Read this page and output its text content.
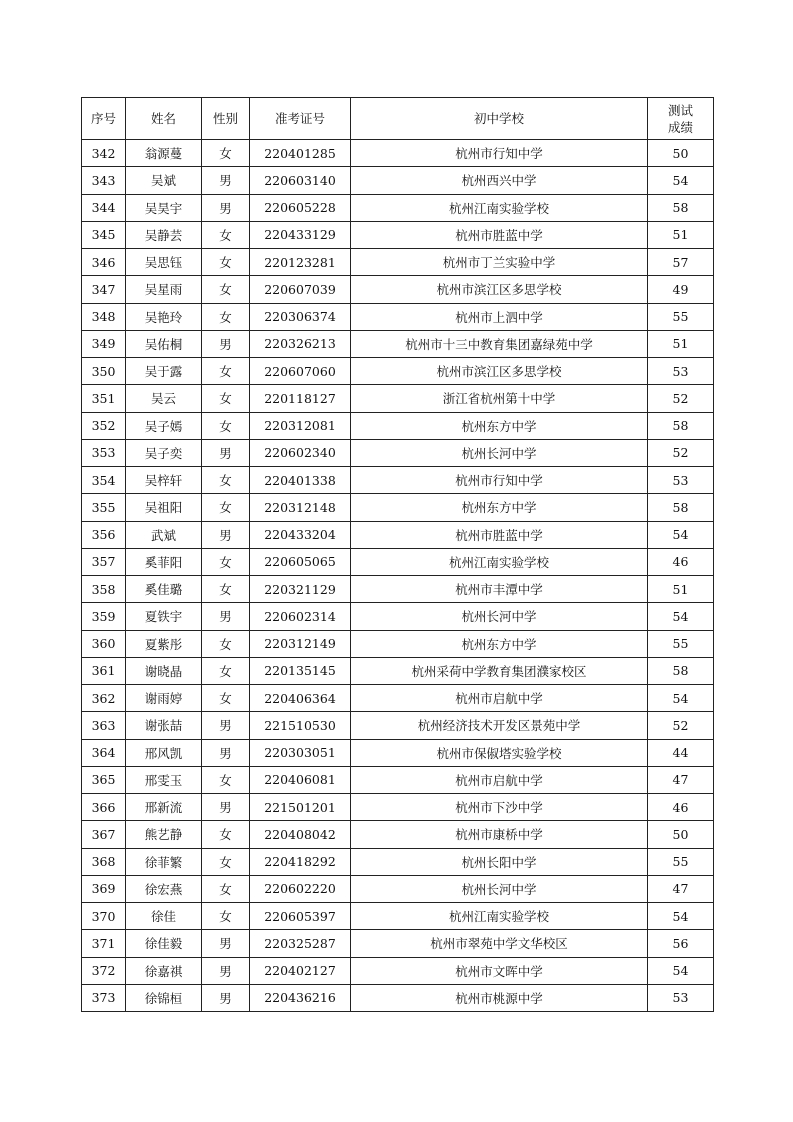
序号	姓名	性别	准考证号	初中学校	测试
成绩

342	翁源蔓	女	220401285	杭州市行知中学	50
343	吴斌	男	220603140	杭州西兴中学	54
344	吴昊宇	男	220605228	杭州江南实验学校	58
345	吴静芸	女	220433129	杭州市胜蓝中学	51
346	吴思钰	女	220123281	杭州市丁兰实验中学	57
347	吴星雨	女	220607039	杭州市滨江区多思学校	49
348	吴艳玲	女	220306374	杭州市上泗中学	55
349	吴佑桐	男	220326213	杭州市十三中教育集团嘉绿苑中学	51
350	吴于露	女	220607060	杭州市滨江区多思学校	53
351	吴云	女	220118127	浙江省杭州第十中学	52
352	吴子嫣	女	220312081	杭州东方中学	58
353	吴子奕	男	220602340	杭州长河中学	52
354	吴梓轩	女	220401338	杭州市行知中学	53
355	吴祖阳	女	220312148	杭州东方中学	58
356	武斌	男	220433204	杭州市胜蓝中学	54
357	奚菲阳	女	220605065	杭州江南实验学校	46
358	奚佳璐	女	220321129	杭州市丰潭中学	51
359	夏铁宇	男	220602314	杭州长河中学	54
360	夏紫彤	女	220312149	杭州东方中学	55
361	谢晓晶	女	220135145	杭州采荷中学教育集团濮家校区	58
362	谢雨婷	女	220406364	杭州市启航中学	54
363	谢张喆	男	221510530	杭州经济技术开发区景苑中学	52
364	邢风凯	男	220303051	杭州市保俶塔实验学校	44
365	邢雯玉	女	220406081	杭州市启航中学	47
366	邢新流	男	221501201	杭州市下沙中学	46
367	熊艺静	女	220408042	杭州市康桥中学	50
368	徐菲繁	女	220418292	杭州长阳中学	55
369	徐宏燕	女	220602220	杭州长河中学	47
370	徐佳	女	220605397	杭州江南实验学校	54
371	徐佳毅	男	220325287	杭州市翠苑中学文华校区	56
372	徐嘉祺	男	220402127	杭州市文晖中学	54
373	徐锦桓	男	220436216	杭州市桃源中学	53
